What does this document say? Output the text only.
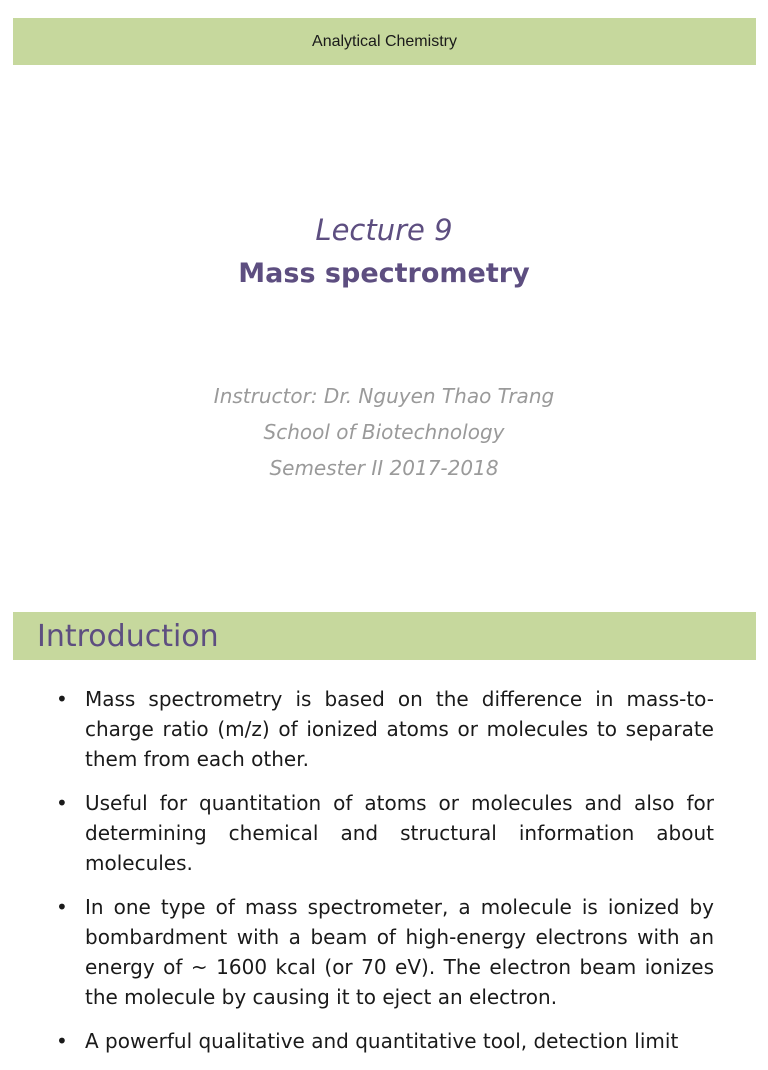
Analytical Chemistry
Lecture 9
Mass spectrometry
Instructor: Dr. Nguyen Thao Trang
School of Biotechnology
Semester II 2017-2018
Introduction
• Mass spectrometry is based on the difference in mass-to-charge ratio (m/z) of ionized atoms or molecules to separate them from each other.
• Useful for quantitation of atoms or molecules and also for determining chemical and structural information about molecules.
• In one type of mass spectrometer, a molecule is ionized by bombardment with a beam of high-energy electrons with an energy of ~ 1600 kcal (or 70 eV). The electron beam ionizes the molecule by causing it to eject an electron.
• A powerful qualitative and quantitative tool, detection limit
